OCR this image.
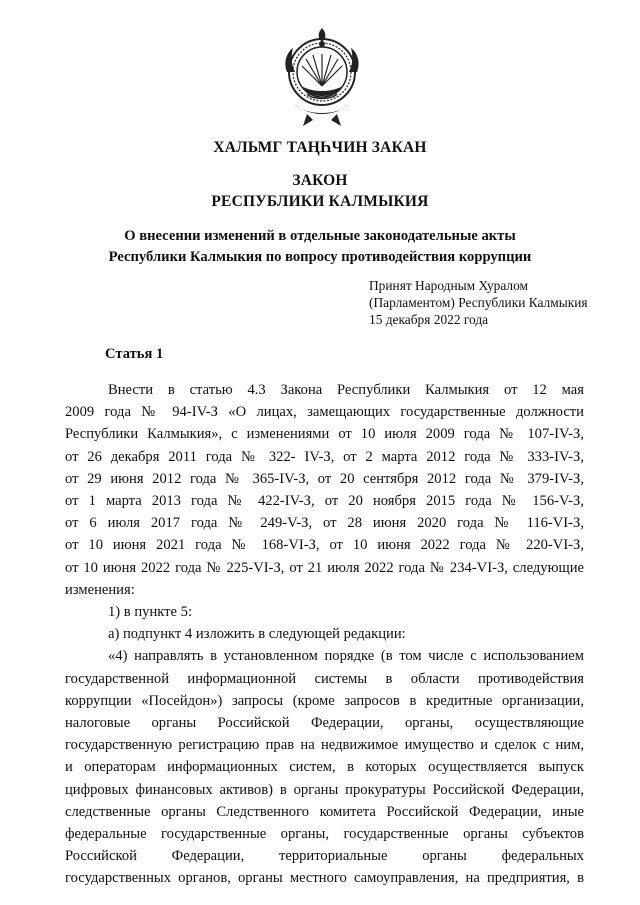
ХАЛЬМГ ТАҢҺЧИН ЗАКАН
ЗАКОН
РЕСПУБЛИКИ КАЛМЫКИЯ
О внесении изменений в отдельные законодательные акты
Республики Калмыкия по вопросу противодействия коррупции
Принят Народным Хуралом
(Парламентом) Республики Калмыкия
15 декабря 2022 года
Статья 1
Внести в статью 4.3 Закона Республики Калмыкия от 12 мая
2009 года № 94-IV-З «О лицах, замещающих государственные должности
Республики Калмыкия», с изменениями от 10 июля 2009 года № 107-IV-З,
от 26 декабря 2011 года № 322- IV-З, от 2 марта 2012 года № 333-IV-З,
от 29 июня 2012 года № 365-IV-З, от 20 сентября 2012 года № 379-IV-З,
от 1 марта 2013 года № 422-IV-З, от 20 ноября 2015 года № 156-V-З,
от 6 июля 2017 года № 249-V-З, от 28 июня 2020 года № 116-VI-З,
от 10 июня 2021 года № 168-VI-З, от 10 июня 2022 года № 220-VI-З,
от 10 июня 2022 года № 225-VI-З, от 21 июля 2022 года № 234-VI-З, следующие
изменения:
1) в пункте 5:
а) подпункт 4 изложить в следующей редакции:
«4) направлять в установленном порядке (в том числе с использованием
государственной информационной системы в области противодействия
коррупции «Посейдон») запросы (кроме запросов в кредитные организации,
налоговые органы Российской Федерации, органы, осуществляющие
государственную регистрацию прав на недвижимое имущество и сделок с ним,
и операторам информационных систем, в которых осуществляется выпуск
цифровых финансовых активов) в органы прокуратуры Российской Федерации,
следственные органы Следственного комитета Российской Федерации, иные
федеральные государственные органы, государственные органы субъектов
Российской Федерации, территориальные органы федеральных
государственных органов, органы местного самоуправления, на предприятия, в
